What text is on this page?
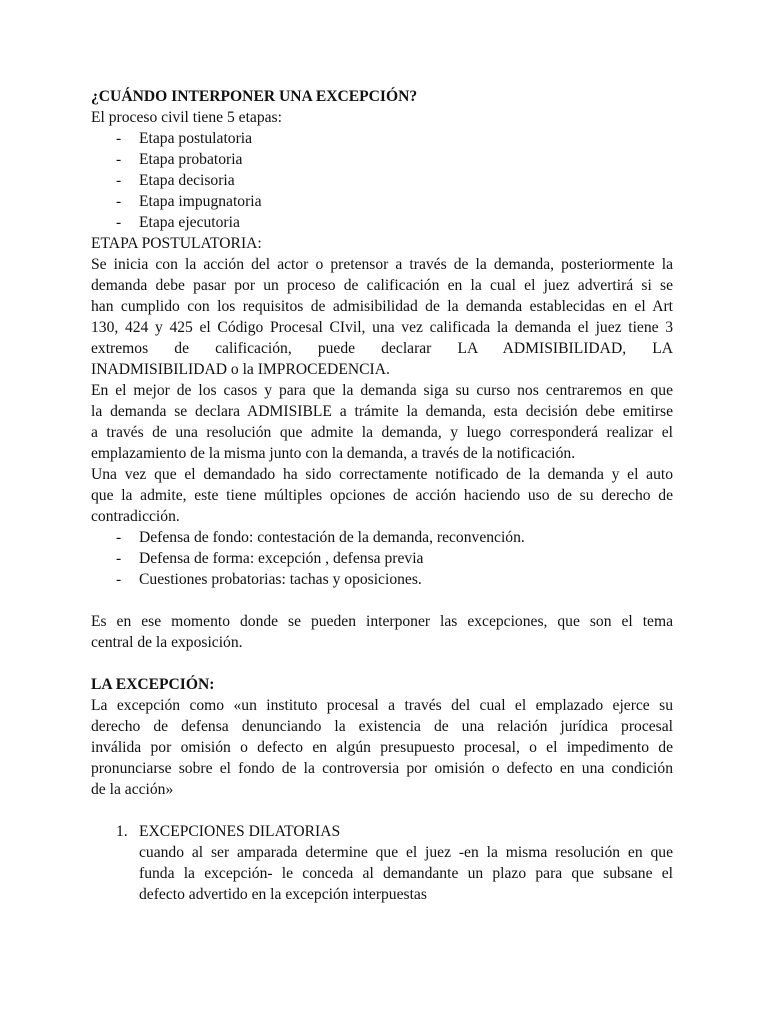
¿CUÁNDO INTERPONER UNA EXCEPCIÓN?
El proceso civil tiene 5 etapas:
- Etapa postulatoria
- Etapa probatoria
- Etapa decisoria
- Etapa impugnatoria
- Etapa ejecutoria
ETAPA POSTULATORIA:
Se inicia con la acción del actor o pretensor a través de la demanda, posteriormente la
demanda debe pasar por un proceso de calificación en la cual el juez advertirá si se
han cumplido con los requisitos de admisibilidad de la demanda establecidas en el Art
130, 424 y 425 el Código Procesal CIvil, una vez calificada la demanda el juez tiene 3
extremos de calificación, puede declarar LA ADMISIBILIDAD, LA
INADMISIBILIDAD o la IMPROCEDENCIA.
En el mejor de los casos y para que la demanda siga su curso nos centraremos en que
la demanda se declara ADMISIBLE a trámite la demanda, esta decisión debe emitirse
a través de una resolución que admite la demanda, y luego corresponderá realizar el
emplazamiento de la misma junto con la demanda, a través de la notificación.
Una vez que el demandado ha sido correctamente notificado de la demanda y el auto
que la admite, este tiene múltiples opciones de acción haciendo uso de su derecho de
contradicción.
- Defensa de fondo: contestación de la demanda, reconvención.
- Defensa de forma: excepción , defensa previa
- Cuestiones probatorias: tachas y oposiciones.
Es en ese momento donde se pueden interponer las excepciones, que son el tema
central de la exposición.
LA EXCEPCIÓN:
La excepción como «un instituto procesal a través del cual el emplazado ejerce su
derecho de defensa denunciando la existencia de una relación jurídica procesal
inválida por omisión o defecto en algún presupuesto procesal, o el impedimento de
pronunciarse sobre el fondo de la controversia por omisión o defecto en una condición
de la acción»
1. EXCEPCIONES DILATORIAS
cuando al ser amparada determine que el juez -en la misma resolución en que
funda la excepción- le conceda al demandante un plazo para que subsane el
defecto advertido en la excepción interpuestas
